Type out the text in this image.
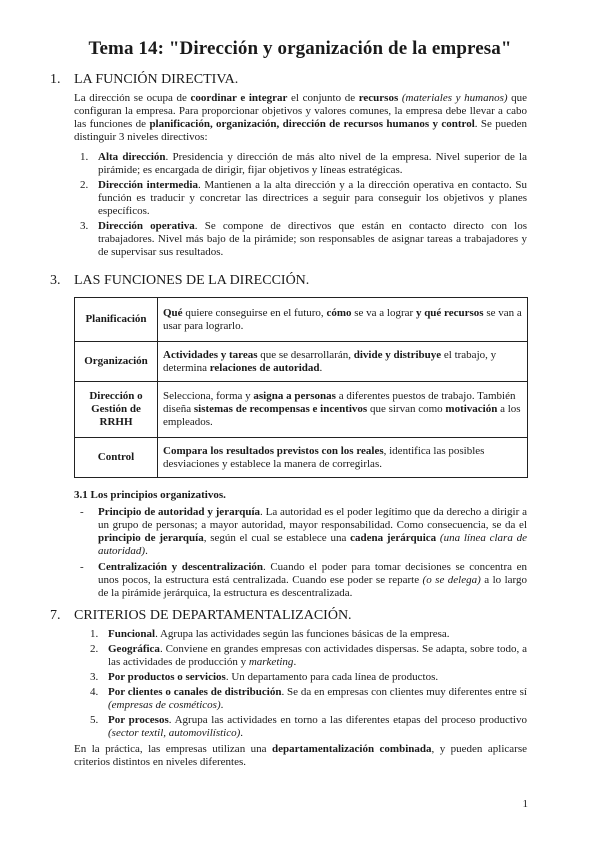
Tema 14: "Dirección y organización de la empresa"
1. LA FUNCIÓN DIRECTIVA.
La dirección se ocupa de coordinar e integrar el conjunto de recursos (materiales y humanos) que configuran la empresa. Para proporcionar objetivos y valores comunes, la empresa debe llevar a cabo las funciones de planificación, organización, dirección de recursos humanos y control. Se pueden distinguir 3 niveles directivos:
1. Alta dirección. Presidencia y dirección de más alto nivel de la empresa. Nivel superior de la pirámide; es encargada de dirigir, fijar objetivos y líneas estratégicas.
2. Dirección intermedia. Mantienen a la alta dirección y a la dirección operativa en contacto. Su función es traducir y concretar las directrices a seguir para conseguir los objetivos y planes específicos.
3. Dirección operativa. Se compone de directivos que están en contacto directo con los trabajadores. Nivel más bajo de la pirámide; son responsables de asignar tareas a trabajadores y de supervisar sus resultados.
3. LAS FUNCIONES DE LA DIRECCIÓN.
Planificación	Qué quiere conseguirse en el futuro, cómo se va a lograr y qué recursos se van a usar para lograrlo.
Organización	Actividades y tareas que se desarrollarán, divide y distribuye el trabajo, y determina relaciones de autoridad.
Dirección o Gestión de RRHH	Selecciona, forma y asigna a personas a diferentes puestos de trabajo. También diseña sistemas de recompensas e incentivos que sirvan como motivación a los empleados.
Control	Compara los resultados previstos con los reales, identifica las posibles desviaciones y establece la manera de corregirlas.
3.1 Los principios organizativos.
- Principio de autoridad y jerarquía. La autoridad es el poder legítimo que da derecho a dirigir a un grupo de personas; a mayor autoridad, mayor responsabilidad. Como consecuencia, se da el principio de jerarquía, según el cual se establece una cadena jerárquica (una línea clara de autoridad).
- Centralización y descentralización. Cuando el poder para tomar decisiones se concentra en unos pocos, la estructura está centralizada. Cuando ese poder se reparte (o se delega) a lo largo de la pirámide jerárquica, la estructura es descentralizada.
7. CRITERIOS DE DEPARTAMENTALIZACIÓN.
1. Funcional. Agrupa las actividades según las funciones básicas de la empresa.
2. Geográfica. Conviene en grandes empresas con actividades dispersas. Se adapta, sobre todo, a las actividades de producción y marketing.
3. Por productos o servicios. Un departamento para cada línea de productos.
4. Por clientes o canales de distribución. Se da en empresas con clientes muy diferentes entre sí (empresas de cosméticos).
5. Por procesos. Agrupa las actividades en torno a las diferentes etapas del proceso productivo (sector textil, automovilístico).
En la práctica, las empresas utilizan una departamentalización combinada, y pueden aplicarse criterios distintos en niveles diferentes.
1
